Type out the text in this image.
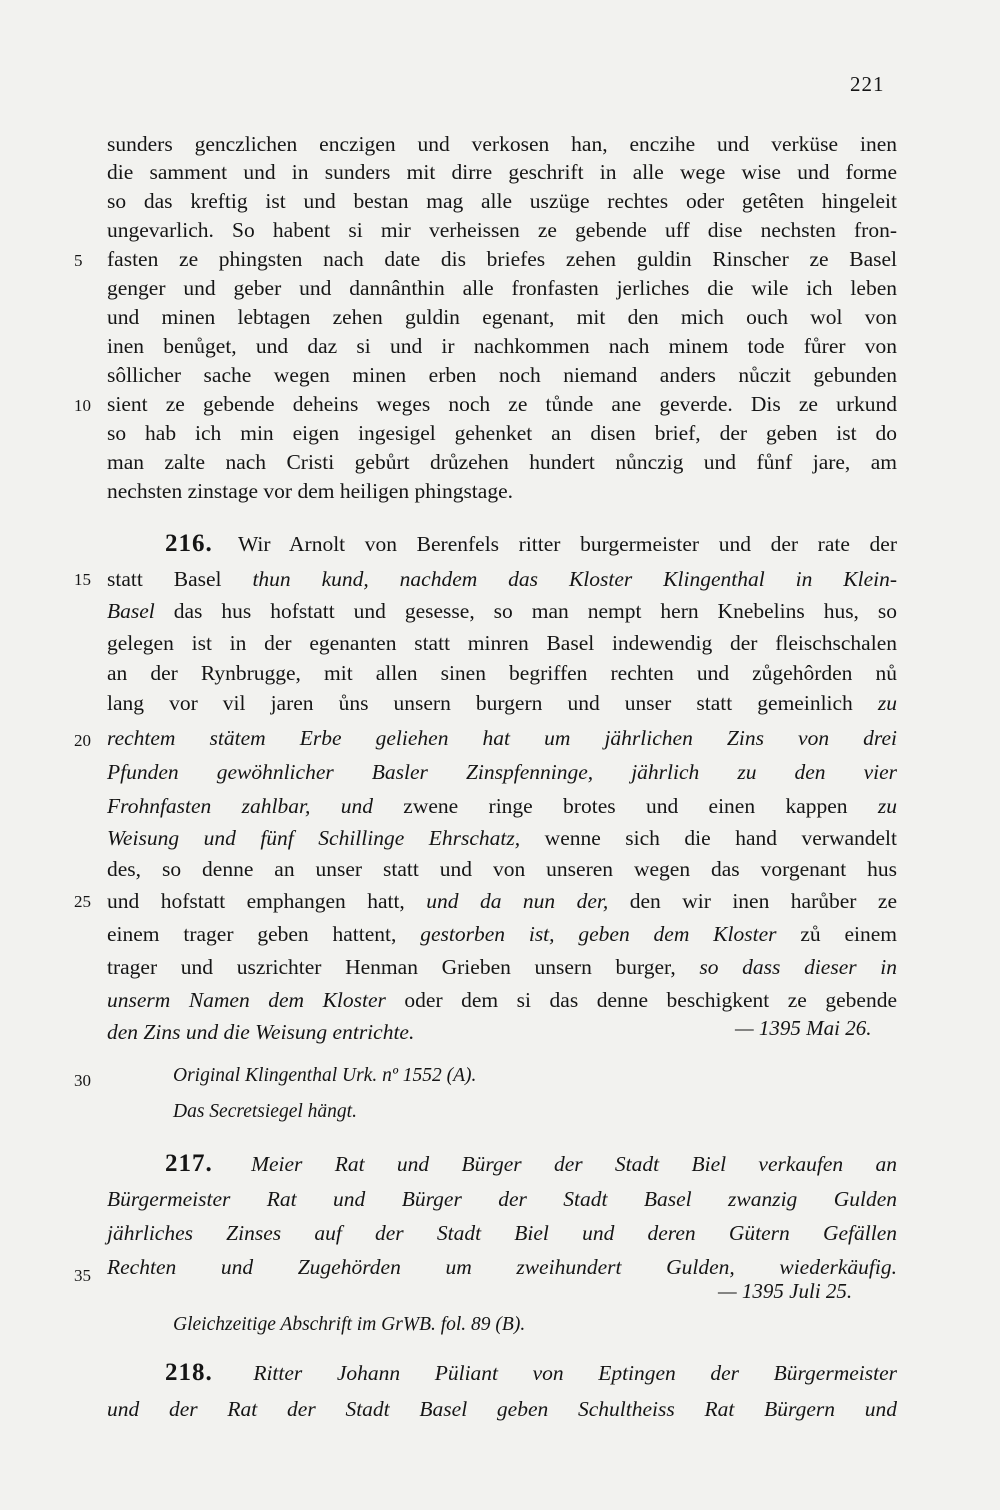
221
5
10
15
20
25
30
35
sunders genczlichen enczigen und verkosen han, enczihe und verküse inen
die samment und in sunders mit dirre geschrift in alle wege wise und forme
so das kreftig ist und bestan mag alle uszüge rechtes oder getêten hingeleit
ungevarlich. So habent si mir verheissen ze gebende uff dise nechsten fron-
fasten ze phingsten nach date dis briefes zehen guldin Rinscher ze Basel
genger und geber und dannânthin alle fronfasten jerliches die wile ich leben
und minen lebtagen zehen guldin egenant, mit den mich ouch wol von
inen benůget, und daz si und ir nachkommen nach minem tode fůrer von
sôllicher sache wegen minen erben noch niemand anders nůczit gebunden
sient ze gebende deheins weges noch ze tůnde ane geverde. Dis ze urkund
so hab ich min eigen ingesigel gehenket an disen brief, der geben ist do
man zalte nach Cristi gebůrt drůzehen hundert nůnczig und fůnf jare, am
nechsten zinstage vor dem heiligen phingstage.
216. Wir Arnolt von Berenfels ritter burgermeister und der rate der
statt Basel thun kund, nachdem das Kloster Klingenthal in Klein-
Basel das hus hofstatt und gesesse, so man nempt hern Knebelins hus, so
gelegen ist in der egenanten statt minren Basel indewendig der fleischschalen
an der Rynbrugge, mit allen sinen begriffen rechten und zůgehôrden nů
lang vor vil jaren ůns unsern burgern und unser statt gemeinlich zu
rechtem stätem Erbe geliehen hat um jährlichen Zins von drei
Pfunden gewöhnlicher Basler Zinspfenninge, jährlich zu den vier
Frohnfasten zahlbar, und zwene ringe brotes und einen kappen zu
Weisung und fünf Schillinge Ehrschatz, wenne sich die hand verwandelt
des, so denne an unser statt und von unseren wegen das vorgenant hus
und hofstatt emphangen hatt, und da nun der, den wir inen harůber ze
einem trager geben hattent, gestorben ist, geben dem Kloster zů einem
trager und uszrichter Henman Grieben unsern burger, so dass dieser in
unserm Namen dem Kloster oder dem si das denne beschigkent ze gebende
den Zins und die Weisung entrichte.	— 1395 Mai 26.
Original Klingenthal Urk. nº 1552 (A).
Das Secretsiegel hängt.
217. Meier Rat und Bürger der Stadt Biel verkaufen an
Bürgermeister Rat und Bürger der Stadt Basel zwanzig Gulden
jährliches Zinses auf der Stadt Biel und deren Gütern Gefällen
Rechten und Zugehörden um zweihundert Gulden, wiederkäufig.
— 1395 Juli 25.
Gleichzeitige Abschrift im GrWB. fol. 89 (B).
218. Ritter Johann Püliant von Eptingen der Bürgermeister
und der Rat der Stadt Basel geben Schultheiss Rat Bürgern und
